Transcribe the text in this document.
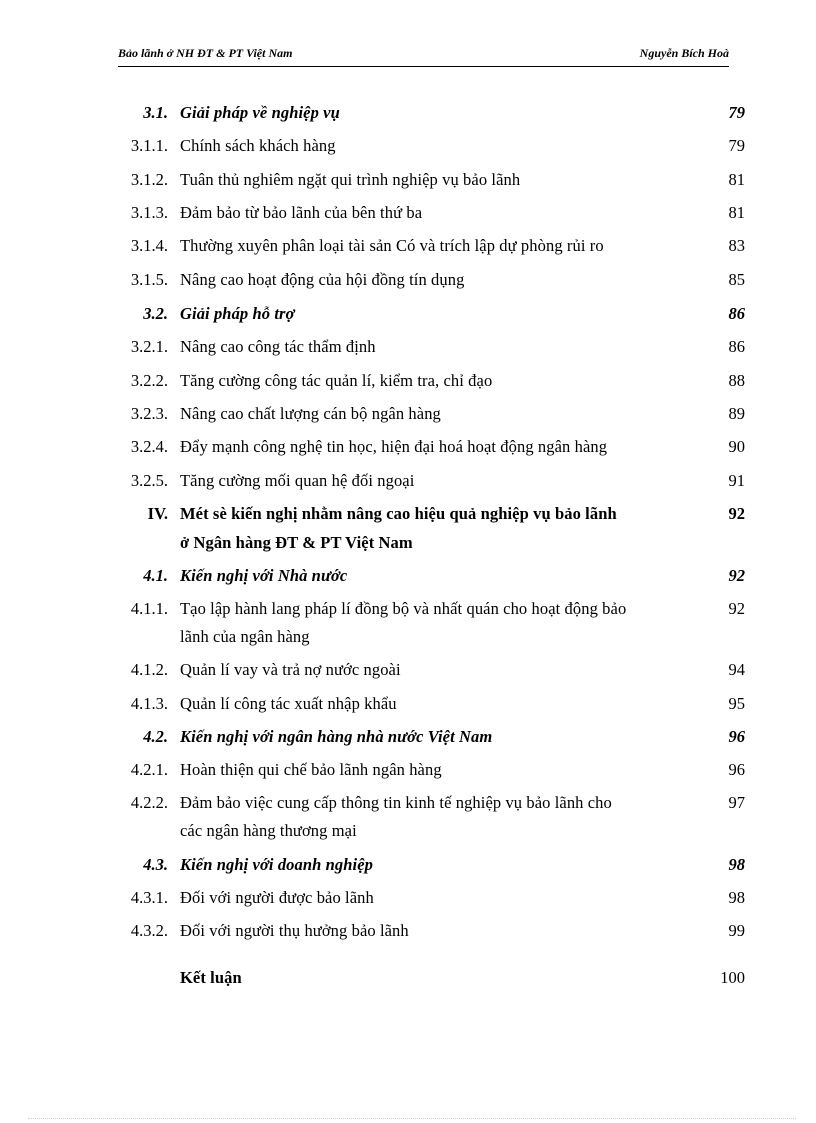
Bảo lãnh ở NH ĐT & PT Việt Nam	Nguyễn Bích Hoà
3.1. Giải pháp về nghiệp vụ	79
3.1.1. Chính sách khách hàng	79
3.1.2. Tuân thủ nghiêm ngặt qui trình nghiệp vụ bảo lãnh	81
3.1.3. Đảm bảo từ bảo lãnh của bên thứ ba	81
3.1.4. Thường xuyên phân loại tài sản Có và trích lập dự phòng rủi ro	83
3.1.5. Nâng cao hoạt động của hội đồng tín dụng	85
3.2. Giải pháp hỗ trợ	86
3.2.1. Nâng cao công tác thẩm định	86
3.2.2. Tăng cường công tác quản lí, kiểm tra, chỉ đạo	88
3.2.3. Nâng cao chất lượng cán bộ ngân hàng	89
3.2.4. Đẩy mạnh công nghệ tin học, hiện đại hoá hoạt động ngân hàng	90
3.2.5. Tăng cường mối quan hệ đối ngoại	91
IV. Mét sè kiến nghị nhằm nâng cao hiệu quả nghiệp vụ bảo lãnh	92
ở Ngân hàng ĐT & PT Việt Nam
4.1. Kiến nghị với Nhà nước	92
4.1.1. Tạo lập hành lang pháp lí đồng bộ và nhất quán cho hoạt động bảo	92
lãnh của ngân hàng
4.1.2. Quản lí vay và trả nợ nước ngoài	94
4.1.3. Quản lí công tác xuất nhập khẩu	95
4.2. Kiến nghị với ngân hàng nhà nước Việt Nam	96
4.2.1. Hoàn thiện qui chế bảo lãnh ngân hàng	96
4.2.2. Đảm bảo việc cung cấp thông tin kinh tế nghiệp vụ bảo lãnh cho	97
các ngân hàng thương mại
4.3. Kiến nghị với doanh nghiệp	98
4.3.1. Đối với người được bảo lãnh	98
4.3.2. Đối với người thụ hưởng bảo lãnh	99
Kết luận	100
